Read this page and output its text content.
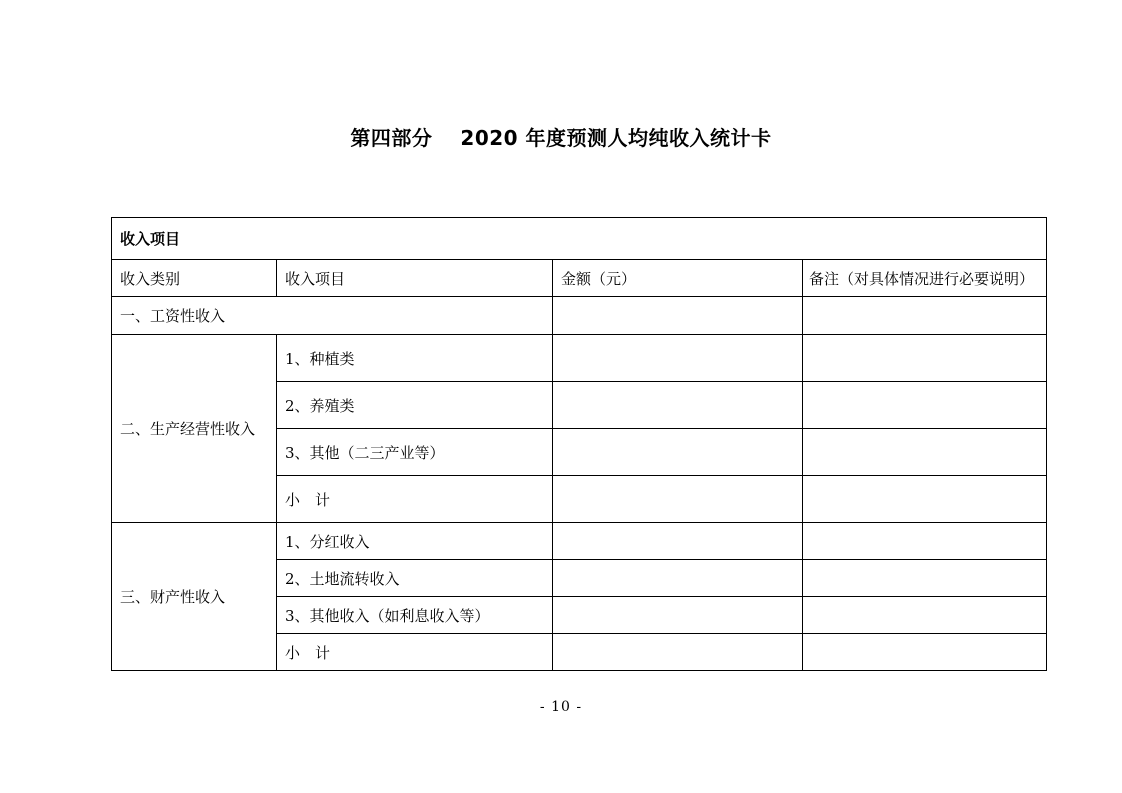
第四部分 2020 年度预测人均纯收入统计卡
收入项目			
收入类别	收入项目	金额（元）	备注（对具体情况进行必要说明）
一、工资性收入			
二、生产经营性收入	1、种植类		
	2、养殖类		
	3、其他（二三产业等）		
	小　计		
三、财产性收入	1、分红收入		
	2、土地流转收入		
	3、其他收入（如利息收入等）		
	小　计		
- 10 -
